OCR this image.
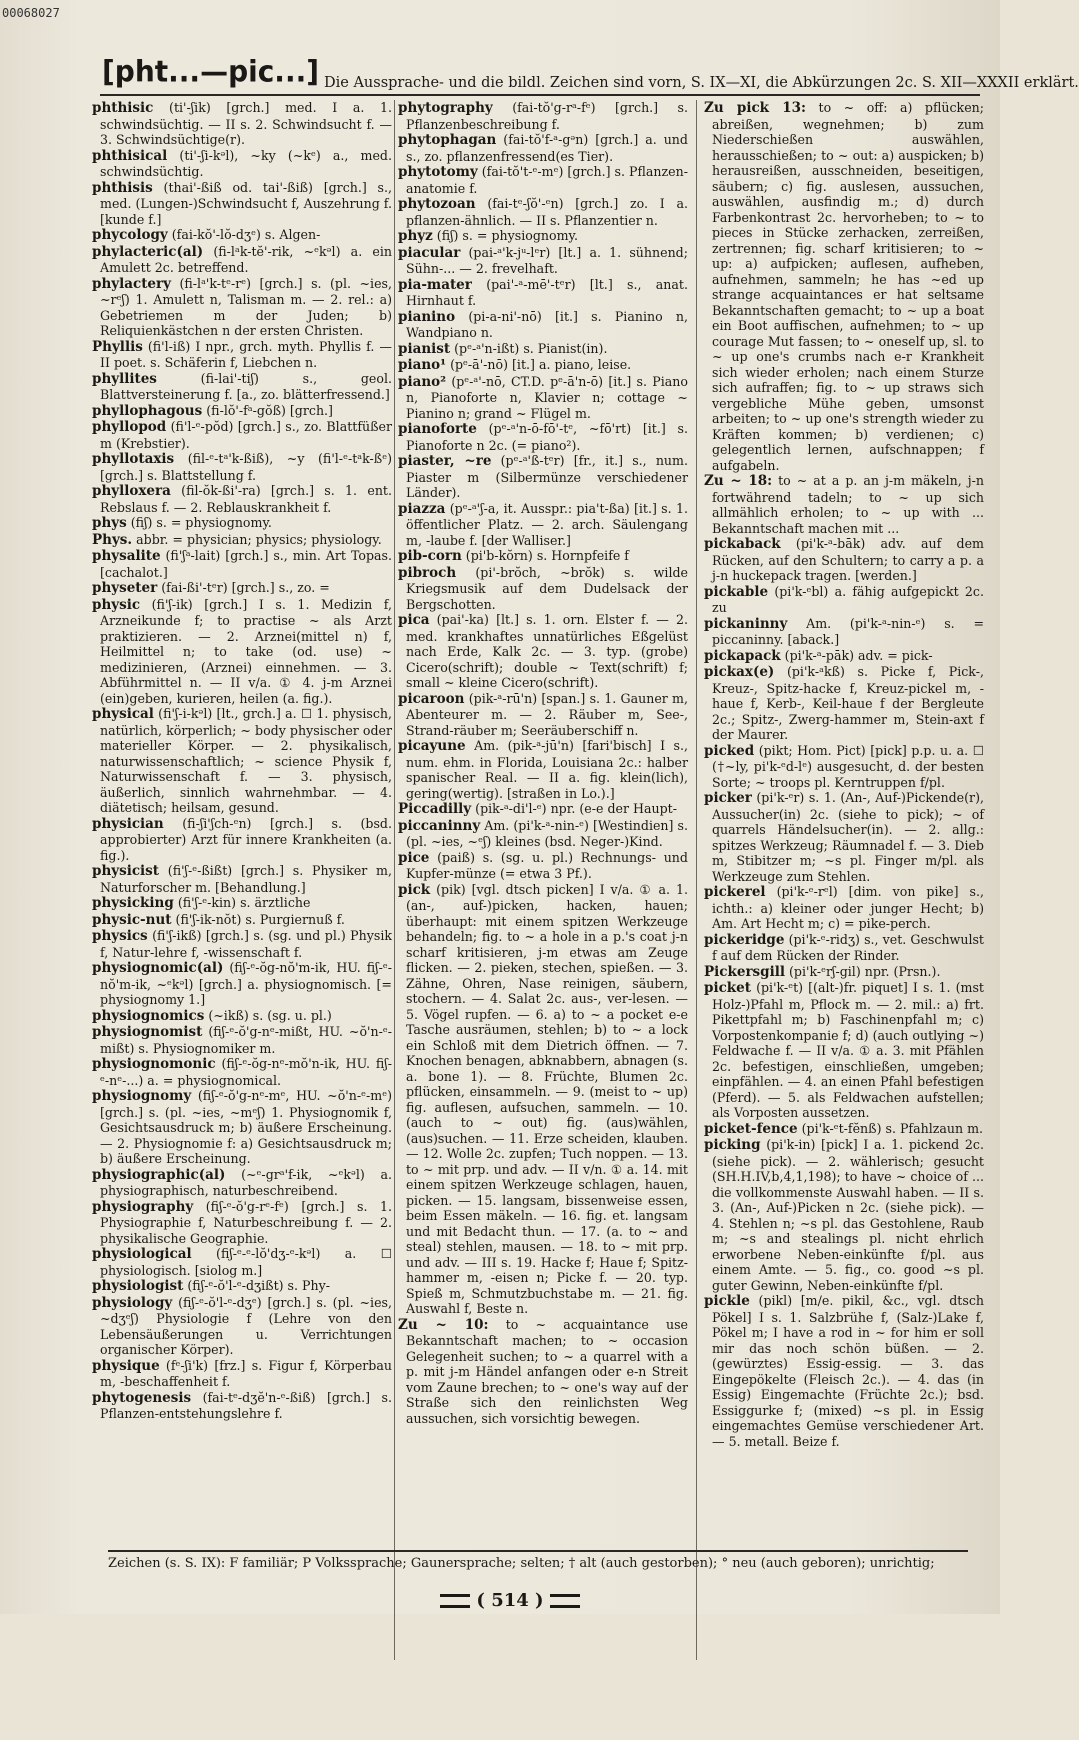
00068027
[pht...—pic...] Die Aussprache- und die bildl. Zeichen sind vorn, S. IX—XI, die Abkürzungen 2c. S. XII—XXXII erklärt.
phthisic (ti'-ʃik) [grch.] med. I a. 1. schwindsüchtig. — II s. 2. Schwindsucht f. — 3. Schwindsüchtige(r).
phthisical (ti'-ʃi-kᵊl), ~ky (~kᵉ) a., med. schwindsüchtig.
phthisis (thai'-ßiß od. tai'-ßiß) [grch.] s., med. (Lungen-)Schwindsucht f, Auszehrung f. [kunde f.]
phycology (fai-kŏ'-lŏ-dʒᵉ) s. Algen-
phylacteric(al) (fi-lᵃk-tĕ'-rik, ~ᵉkᵊl) a. ein Amulett 2c. betreffend.
phylactery (fi-lᵃ'k-tᵉ-rᵉ) [grch.] s. (pl. ~ies, ~rᵉʃ) 1. Amulett n, Talisman m. — 2. rel.: a) Gebetriemen m der Juden; b) Reliquienkästchen n der ersten Christen.
Phyllis (fi'l-iß) I npr., grch. myth. Phyllis f. — II poet. s. Schäferin f, Liebchen n.
phyllites	(fi-lai'-tiʃ) s., geol. Blattversteinerung f. [a., zo. blätterfressend.]
phyllophagous (fi-lŏ'-fᵃ-gŏß) [grch.]
phyllopod (fi'l-ᵉ-pŏd) [grch.] s., zo. Blattfüßer m (Krebstier).
phyllotaxis (fil-ᵉ-tᵃ'k-ßiß), ~y (fi'l-ᵉ-tᵃk-ßᵉ) [grch.] s. Blattstellung f.
phylloxera (fil-ŏk-ßi'-ra) [grch.] s. 1. ent. Rebslaus f. — 2. Reblauskrankheit f.
phys (fiʃ) s. = physiognomy.
Phys. abbr. = physician; physics; physiology.
physalite (fi'ʃᵃ-lait) [grch.] s., min. Art Topas. [cachalot.]
physeter (fai-ßi'-tᵉr) [grch.] s., zo. =
physic (fi'ʃ-ik) [grch.] I s. 1. Medizin f, Arzneikunde f; to practise ~ als Arzt praktizieren. — 2. Arznei(mittel n) f, Heilmittel n; to take (od. use) ~ medizinieren, (Arznei) einnehmen. — 3. Abführmittel n. — II v/a. ① 4. j-m Arznei (ein)geben, kurieren, heilen (a. fig.).
physical (fi'ʃ-i-kᵊl) [lt., grch.] a. ☐ 1. physisch, natürlich, körperlich; ~ body physischer oder materieller Körper. — 2. physikalisch, naturwissenschaftlich; ~ science Physik f, Naturwissenschaft f. — 3. physisch, äußerlich, sinnlich wahrnehmbar. — 4. diätetisch; heilsam, gesund.
physician (fi-ʃi'ʃch-ᵉn) [grch.] s. (bsd. approbierter) Arzt für innere Krankheiten (a. fig.).
physicist (fi'ʃ-ᵉ-ßißt) [grch.] s. Physiker m, Naturforscher m. [Behandlung.]
physicking (fi'ʃ-ᵉ-kin) s. ärztliche
physic-nut (fi'ʃ-ik-nŏt) s. Purgiernuß f.
physics (fi'ʃ-ikß) [grch.] s. (sg. und pl.) Physik f, Natur-lehre f, -wissenschaft f.
physiognomic(al) (fiʃ-ᵉ-ŏg-nŏ'm-ik, HU. fiʃ-ᵉ-nŏ'm-ik, ~ᵉkᵊl) [grch.] a. physiognomisch. [= physiognomy 1.]
physiognomics (~ikß) s. (sg. u. pl.)
physiognomist (fiʃ-ᵉ-ŏ'g-nᵉ-mißt, HU. ~ŏ'n-ᵉ-mißt) s. Physiognomiker m.
physiognomonic (fiʃ-ᵉ-ŏg-nᵉ-mŏ'n-ik, HU. fiʃ-ᵉ-nᵉ-...) a. = physiognomical.
physiognomy (fiʃ-ᵉ-ŏ'g-nᵉ-mᵉ, HU. ~ŏ'n-ᵉ-mᵉ) [grch.] s. (pl. ~ies, ~mᵉʃ) 1. Physiognomik f, Gesichtsausdruck m; b) äußere Erscheinung. — 2. Physiognomie f: a) Gesichtsausdruck m; b) äußere Erscheinung.
physiographic(al) (~ᵉ-grᵃ'f-ik, ~ᵉkᵊl) a. physiographisch, naturbeschreibend.
physiography (fiʃ-ᵉ-ŏ'g-rᵉ-fᵉ) [grch.] s. 1. Physiographie f, Naturbeschreibung f. — 2. physikalische Geographie.
physiological (fiʃ-ᵉ-ᵉ-lŏ'dʒ-ᵉ-kᵊl) a. ☐ physiologisch. [siolog m.]
physiologist (fiʃ-ᵉ-ŏ'l-ᵉ-dʒißt) s. Phy-
physiology (fiʃ-ᵉ-ŏ'l-ᵉ-dʒᵉ) [grch.] s. (pl. ~ies, ~dʒᵉʃ) Physiologie f (Lehre von den Lebensäußerungen u. Verrichtungen organischer Körper).
physique (fᵉ-ʃi'k) [frz.] s. Figur f, Körperbau m, -beschaffenheit f.
phytogenesis (fai-tᵉ-dʒĕ'n-ᵉ-ßiß) [grch.] s. Pflanzen-entstehungslehre f.
phytography (fai-tŏ'g-rᵃ-fᵉ) [grch.] s. Pflanzenbeschreibung f.
phytophagan (fai-tŏ'f-ᵃ-gᵊn) [grch.] a. und s., zo. pflanzenfressend(es Tier).
phytotomy (fai-tŏ't-ᵉ-mᵉ) [grch.] s. Pflanzen-anatomie f.
phytozoan (fai-tᵉ-ʃŏ'-ᵉn) [grch.] zo. I a. pflanzen-ähnlich. — II s. Pflanzentier n.
phyz (fiʃ) s. = physiognomy.
piacular (pai-ᵃ'k-jᵘ-lᵉr) [lt.] a. 1. sühnend; Sühn-... — 2. frevelhaft.
pia-mater (pai'-ᵃ-mē'-tᵉr) [lt.] s., anat. Hirnhaut f.
pianino (pi-a-ni'-nō) [it.] s. Pianino n, Wandpiano n.
pianist (pᵉ-ᵃ'n-ißt) s. Pianist(in).
piano¹ (pᵉ-ā'-nō) [it.] a. piano, leise.
piano² (pᵉ-ᵃ'-nō, CT.D. pᵉ-ā'n-ō) [it.] s. Piano n, Pianoforte n, Klavier n; cottage ~ Pianino n; grand ~ Flügel m.
pianoforte (pᵉ-ᵃ'n-ō-fō'-tᵉ, ~fō'rt) [it.] s. Pianoforte n 2c. (= piano²).
piaster, ~re (pᵉ-ᵃ'ß-tᵉr) [fr., it.] s., num. Piaster m (Silbermünze verschiedener Länder).
piazza (pᵉ-ᵃ'ʃ-a, it. Ausspr.: pia't-ßa) [it.] s. 1. öffentlicher Platz. — 2. arch. Säulengang m, -laube f. [der Walliser.]
pib-corn (pi'b-kŏrn) s. Hornpfeife f
pibroch (pi'-brŏch, ~brŏk) s. wilde Kriegsmusik auf dem Dudelsack der Bergschotten.
pica (pai'-ka) [lt.] s. 1. orn. Elster f. — 2. med. krankhaftes unnatürliches Eßgelüst nach Erde, Kalk 2c. — 3. typ. (grobe) Cicero(schrift); double ~ Text(schrift) f; small ~ kleine Cicero(schrift).
picaroon (pik-ᵃ-rū'n) [span.] s. 1. Gauner m, Abenteurer m. — 2. Räuber m, See-, Strand-räuber m; Seeräuberschiff n.
picayune Am. (pik-ᵃ-jū'n) [fari'bisch] I s., num. ehm. in Florida, Louisiana 2c.: halber spanischer Real. — II a. fig. klein(lich), gering(wertig). [straßen in Lo.).]
Piccadilly (pik-ᵃ-di'l-ᵉ) npr. (e-e der Haupt-
piccaninny Am. (pi'k-ᵃ-nin-ᵉ) [Westindien] s. (pl. ~ies, ~ᵉʃ) kleines (bsd. Neger-)Kind.
pice (paiß) s. (sg. u. pl.) Rechnungs- und Kupfer-münze (= etwa 3 Pf.).
pick (pik) [vgl. dtsch picken] I v/a. ① a. 1. (an-, auf-)picken, hacken, hauen; überhaupt: mit einem spitzen Werkzeuge behandeln; fig. to ~ a hole in a p.'s coat j-n scharf kritisieren, j-m etwas am Zeuge flicken. — 2. pieken, stechen, spießen. — 3. Zähne, Ohren, Nase reinigen, säubern, stochern. — 4. Salat 2c. aus-, ver-lesen. — 5. Vögel rupfen. — 6. a) to ~ a pocket e-e Tasche ausräumen, stehlen; b) to ~ a lock ein Schloß mit dem Dietrich öffnen. — 7. Knochen benagen, abknabbern, abnagen (s. a. bone 1). — 8. Früchte, Blumen 2c. pflücken, einsammeln. — 9. (meist to ~ up) fig. auflesen, aufsuchen, sammeln. — 10. (auch to ~ out) fig. (aus)wählen, (aus)suchen. — 11. Erze scheiden, klauben. — 12. Wolle 2c. zupfen; Tuch noppen. — 13. to ~ mit prp. und adv. — II v/n. ① a. 14. mit einem spitzen Werkzeuge schlagen, hauen, picken. — 15. langsam, bissenweise essen, beim Essen mäkeln. — 16. fig. et. langsam und mit Bedacht thun. — 17. (a. to ~ and steal) stehlen, mausen. — 18. to ~ mit prp. und adv. — III s. 19. Hacke f; Haue f; Spitz-hammer m, -eisen n; Picke f. — 20. typ. Spieß m, Schmutzbuchstabe m. — 21. fig. Auswahl f, Beste n.
Zu ~ 10: to ~ acquaintance use Bekanntschaft machen; to ~ occasion Gelegenheit suchen; to ~ a quarrel with a p. mit j-m Händel anfangen oder e-n Streit vom Zaune brechen; to ~ one's way auf der Straße sich den reinlichsten Weg aussuchen, sich vorsichtig bewegen.
Zu pick 13: to ~ off: a) pflücken; abreißen, wegnehmen; b) zum Niederschießen auswählen, herausschießen; to ~ out: a) auspicken; b) herausreißen, ausschneiden, beseitigen, säubern; c) fig. auslesen, aussuchen, auswählen, ausfindig m.; d) durch Farbenkontrast 2c. hervorheben; to ~ to pieces in Stücke zerhacken, zerreißen, zertrennen; fig. scharf kritisieren; to ~ up: a) aufpicken; auflesen, aufheben, aufnehmen, sammeln; he has ~ed up strange acquaintances er hat seltsame Bekanntschaften gemacht; to ~ up a boat ein Boot auffischen, aufnehmen; to ~ up courage Mut fassen; to ~ oneself up, sl. to ~ up one's crumbs nach e-r Krankheit sich wieder erholen; nach einem Sturze sich aufraffen; fig. to ~ up straws sich vergebliche Mühe geben, umsonst arbeiten; to ~ up one's strength wieder zu Kräften kommen; b) verdienen; c) gelegentlich lernen, aufschnappen; f aufgabeln.
Zu ~ 18: to ~ at a p. an j-m mäkeln, j-n fortwährend tadeln; to ~ up sich allmählich erholen; to ~ up with ... Bekanntschaft machen mit ...
pickaback (pi'k-ᵃ-bāk) adv. auf dem Rücken, auf den Schultern; to carry a p. a j-n huckepack tragen. [werden.]
pickable (pi'k-ᵉbl) a. fähig aufgepickt 2c. zu
pickaninny Am. (pi'k-ᵃ-nin-ᵉ) s. = piccaninny. [aback.]
pickapack (pi'k-ᵃ-pāk) adv. = pick-
pickax(e) (pi'k-ᵃkß) s. Picke f, Pick-, Kreuz-, Spitz-hacke f, Kreuz-pickel m, -haue f, Kerb-, Keil-haue f der Bergleute 2c.; Spitz-, Zwerg-hammer m, Stein-axt f der Maurer.
picked (pikt; Hom. Pict) [pick] p.p. u. a. ☐ (†~ly, pi'k-ᵉd-lᵉ) ausgesucht, d. der besten Sorte; ~ troops pl. Kerntruppen f/pl.
picker (pi'k-ᵉr) s. 1. (An-, Auf-)Pickende(r), Aussucher(in) 2c. (siehe to pick); ~ of quarrels Händelsucher(in). — 2. allg.: spitzes Werkzeug; Räumnadel f. — 3. Dieb m, Stibitzer m; ~s pl. Finger m/pl. als Werkzeuge zum Stehlen.
pickerel (pi'k-ᵉ-rᵉl) [dim. von pike] s., ichth.: a) kleiner oder junger Hecht; b) Am. Art Hecht m; c) = pike-perch.
pickeridge (pi'k-ᵉ-ridʒ) s., vet. Geschwulst f auf dem Rücken der Rinder.
Pickersgill (pi'k-ᵉrʃ-gil) npr. (Prsn.).
picket (pi'k-ᵉt) [(alt-)fr. piquet] I s. 1. (mst Holz-)Pfahl m, Pflock m. — 2. mil.: a) frt. Pikettpfahl m; b) Faschinenpfahl m; c) Vorpostenkompanie f; d) (auch outlying ~) Feldwache f. — II v/a. ① a. 3. mit Pfählen 2c. befestigen, einschließen, umgeben; einpfählen. — 4. an einen Pfahl befestigen (Pferd). — 5. als Feldwachen aufstellen; als Vorposten aussetzen.
picket-fence (pi'k-ᵉt-fĕnß) s. Pfahlzaun m.
picking (pi'k-in) [pick] I a. 1. pickend 2c. (siehe pick). — 2. wählerisch; gesucht (SH.H.IV,b,4,1,198); to have ~ choice of ... die vollkommenste Auswahl haben. — II s. 3. (An-, Auf-)Picken n 2c. (siehe pick). — 4. Stehlen n; ~s pl. das Gestohlene, Raub m; ~s and stealings pl. nicht ehrlich erworbene Neben-einkünfte f/pl. aus einem Amte. — 5. fig., co. good ~s pl. guter Gewinn, Neben-einkünfte f/pl.
pickle (pikl) [m/e. pikil, &c., vgl. dtsch Pökel] I s. 1. Salzbrühe f, (Salz-)Lake f, Pökel m; I have a rod in ~ for him er soll mir das noch schön büßen. — 2. (gewürztes) Essig-essig. — 3. das Eingepökelte (Fleisch 2c.). — 4. das (in Essig) Eingemachte (Früchte 2c.); bsd. Essiggurke f; (mixed) ~s pl. in Essig eingemachtes Gemüse verschiedener Art. — 5. metall. Beize f.
Zeichen (s. S. IX): F familiär; P Volkssprache; Gaunersprache; selten; † alt (auch gestorben); ° neu (auch geboren); unrichtig;
( 514 )
